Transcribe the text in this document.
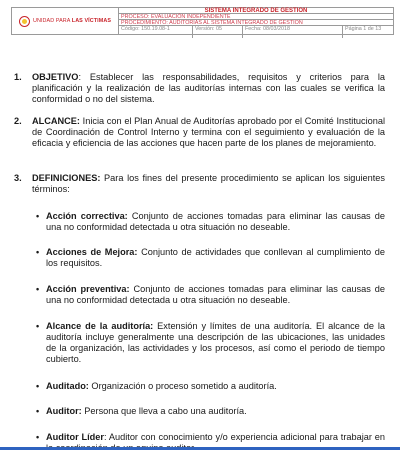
UNIDAD PARA LAS VÍCTIMAS
SISTEMA INTEGRADO DE GESTION
PROCESO: EVALUACIÓN INDEPENDIENTE
PROCEDIMIENTO: AUDITORIAS AL SISTEMA INTEGRADO DE GESTION
Código: 150.19.08-1	Versión: 05	Fecha: 08/03/2018	Página 1 de 13
1. OBJETIVO: Establecer las responsabilidades, requisitos y criterios para la planificación y la realización de las auditorías internas con las cuales se verifica la conformidad o no del sistema.
2. ALCANCE: Inicia con el Plan Anual de Auditorías aprobado por el Comité Institucional de Coordinación de Control Interno y termina con el seguimiento y evaluación de la eficacia y eficiencia de las acciones que hacen parte de los planes de mejoramiento.
3. DEFINICIONES: Para los fines del presente procedimiento se aplican los siguientes términos:
• Acción correctiva: Conjunto de acciones tomadas para eliminar las causas de una no conformidad detectada u otra situación no deseable.
• Acciones de Mejora: Conjunto de actividades que conllevan al cumplimiento de los requisitos.
• Acción preventiva: Conjunto de acciones tomadas para eliminar las causas de una no conformidad detectada u otra situación no deseable.
• Alcance de la auditoría: Extensión y límites de una auditoría. El alcance de la auditoría incluye generalmente una descripción de las ubicaciones, las unidades de la organización, las actividades y los procesos, así como el periodo de tiempo cubierto.
• Auditado: Organización o proceso sometido a auditoría.
• Auditor: Persona que lleva a cabo una auditoría.
• Auditor Líder: Auditor con conocimiento y/o experiencia adicional para trabajar en
